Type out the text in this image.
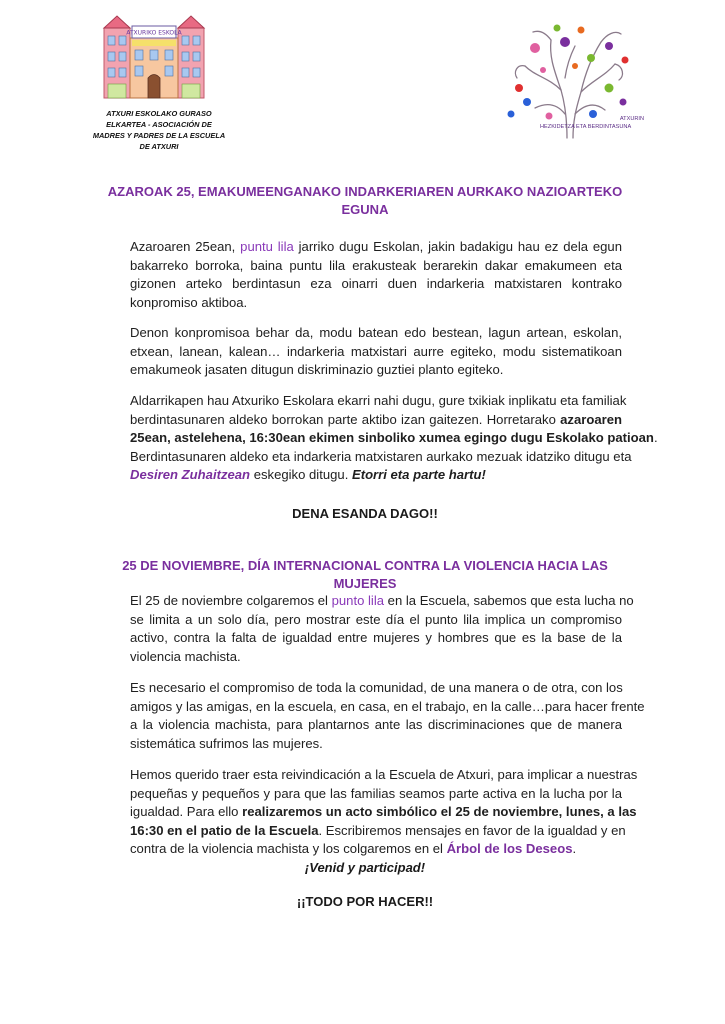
ATXURIKO ESKOLA
ATXURI ESKOLAKO GURASO
ELKARTEA - ASOCIACIÓN DE
MADRES Y PADRES DE LA ESCUELA
DE ATXURI
ATXURIN
HEZKIDETZA ETA BERDINTASUNA
AZAROAK 25, EMAKUMEENGANAKO INDARKERIAREN AURKAKO NAZIOARTEKO
EGUNA
Azaroaren 25ean, puntu lila jarriko dugu Eskolan, jakin badakigu hau ez dela egun
bakarreko borroka, baina puntu lila erakusteak berarekin dakar emakumeen eta
gizonen arteko berdintasun eza oinarri duen indarkeria matxistaren kontrako
konpromiso aktiboa.
Denon konpromisoa behar da, modu batean edo bestean, lagun artean, eskolan,
etxean, lanean, kalean… indarkeria matxistari aurre egiteko, modu sistematikoan
emakumeok jasaten ditugun diskriminazio guztiei planto egiteko.
Aldarrikapen hau Atxuriko Eskolara ekarri nahi dugu, gure txikiak inplikatu eta familiak
berdintasunaren aldeko borrokan parte aktibo izan gaitezen. Horretarako azaroaren
25ean, astelehena, 16:30ean ekimen sinboliko xumea egingo dugu Eskolako patioan.
Berdintasunaren aldeko eta indarkeria matxistaren aurkako mezuak idatziko ditugu eta
Desiren Zuhaitzean eskegiko ditugu. Etorri eta parte hartu!
DENA ESANDA DAGO!!
25 DE NOVIEMBRE, DÍA INTERNACIONAL CONTRA LA VIOLENCIA HACIA LAS MUJERES
El 25 de noviembre colgaremos el punto lila en la Escuela, sabemos que esta lucha no
se limita a un solo día, pero mostrar este día el punto lila implica un compromiso
activo, contra la falta de igualdad entre mujeres y hombres que es la base de la
violencia machista.
Es necesario el compromiso de toda la comunidad, de una manera o de otra, con los
amigos y las amigas, en la escuela, en casa, en el trabajo, en la calle…para hacer frente
a la violencia machista, para plantarnos ante las discriminaciones que de manera
sistemática sufrimos las mujeres.
Hemos querido traer esta reivindicación a la Escuela de Atxuri, para implicar a nuestras
pequeñas y pequeños y para que las familias seamos parte activa en la lucha por la
igualdad. Para ello realizaremos un acto simbólico el 25 de noviembre, lunes, a las
16:30 en el patio de la Escuela. Escribiremos mensajes en favor de la igualdad y en
contra de la violencia machista y los colgaremos en el Árbol de los Deseos.
¡Venid y participad!
¡¡TODO POR HACER!!
